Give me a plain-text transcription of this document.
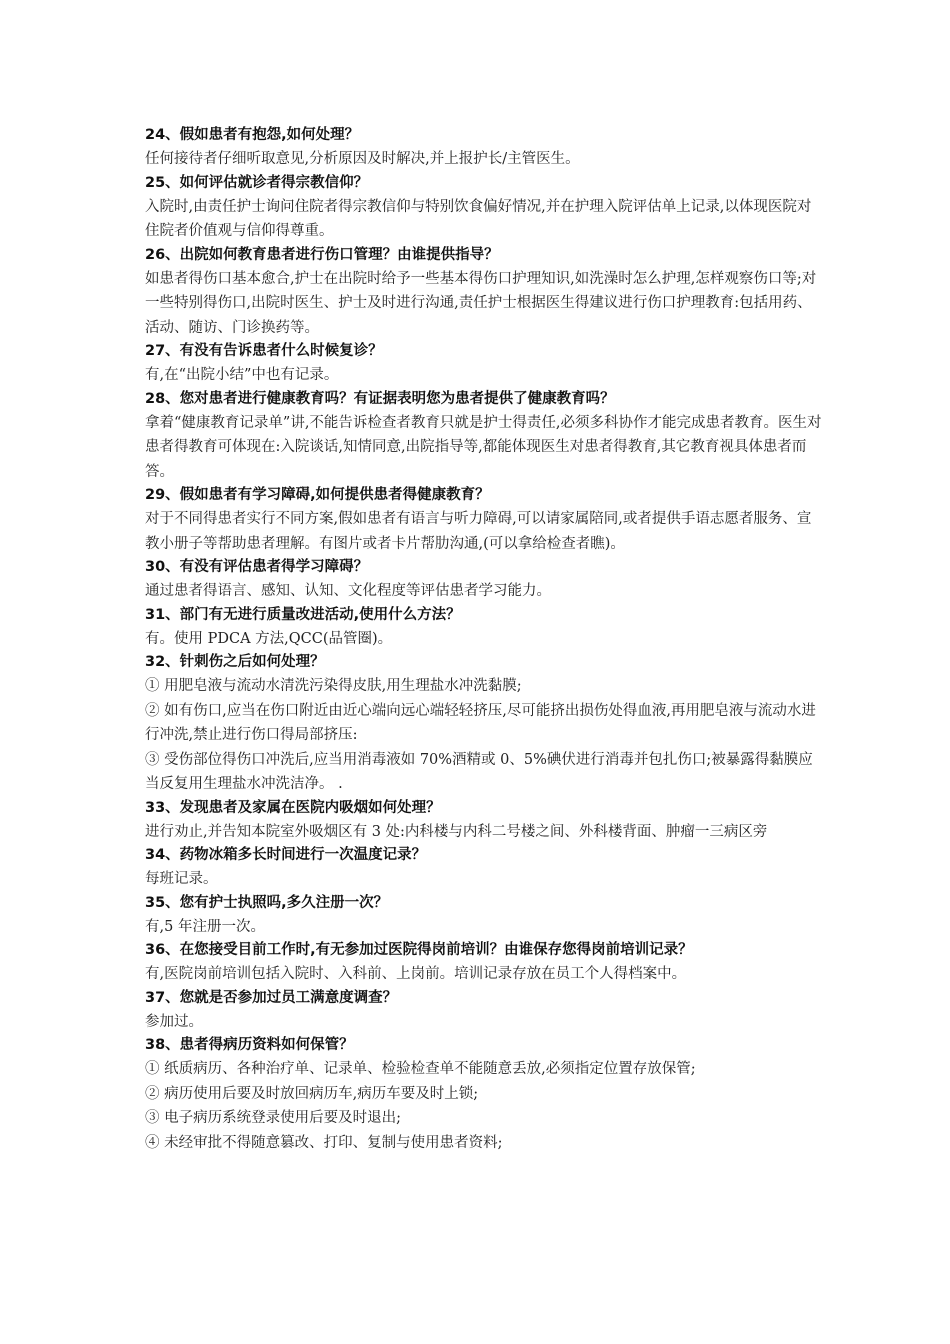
24、假如患者有抱怨,如何处理？

任何接待者仔细听取意见,分析原因及时解决,并上报护长/主管医生。

25、如何评估就诊者得宗教信仰？

入院时,由责任护士询问住院者得宗教信仰与特别饮食偏好情况,并在护理入院评估单上记录,以体现医院对住院者价值观与信仰得尊重。

26、出院如何教育患者进行伤口管理？由谁提供指导？

如患者得伤口基本愈合,护士在出院时给予一些基本得伤口护理知识,如洗澡时怎么护理,怎样观察伤口等;对一些特别得伤口,出院时医生、护士及时进行沟通,责任护士根据医生得建议进行伤口护理教育:包括用药、活动、随访、门诊换药等。

27、有没有告诉患者什么时候复诊？

有,在“出院小结”中也有记录。

28、您对患者进行健康教育吗？有证据表明您为患者提供了健康教育吗？

拿着“健康教育记录单”讲,不能告诉检查者教育只就是护士得责任,必须多科协作才能完成患者教育。医生对患者得教育可体现在:入院谈话,知情同意,出院指导等,都能体现医生对患者得教育,其它教育视具体患者而答。

29、假如患者有学习障碍,如何提供患者得健康教育？

对于不同得患者实行不同方案,假如患者有语言与听力障碍,可以请家属陪同,或者提供手语志愿者服务、宣教小册子等帮助患者理解。有图片或者卡片帮肋沟通,(可以拿给检查者瞧)。

30、有没有评估患者得学习障碍？

通过患者得语言、感知、认知、文化程度等评估患者学习能力。

31、部门有无进行质量改进活动,使用什么方法？

有。使用 PDCA 方法,QCC(品管圈)。

32、针刺伤之后如何处理？

① 用肥皂液与流动水清洗污染得皮肤,用生理盐水冲洗黏膜;

② 如有伤口,应当在伤口附近由近心端向远心端轻轻挤压,尽可能挤出损伤处得血液,再用肥皂液与流动水进行冲洗,禁止进行伤口得局部挤压:

③ 受伤部位得伤口冲洗后,应当用消毒液如 70%酒精或 0、5%碘伏进行消毒并包扎伤口;被暴露得黏膜应当反复用生理盐水冲洗洁净。 .

33、发现患者及家属在医院内吸烟如何处理？

进行劝止,并告知本院室外吸烟区有 3 处:内科楼与内科二号楼之间、外科楼背面、肿瘤一三病区旁

34、药物冰箱多长时间进行一次温度记录？

每班记录。

35、您有护士执照吗,多久注册一次？

有,5 年注册一次。

36、在您接受目前工作时,有无参加过医院得岗前培训？由谁保存您得岗前培训记录？

有,医院岗前培训包括入院时、入科前、上岗前。培训记录存放在员工个人得档案中。

37、您就是否参加过员工满意度调查？

参加过。

38、患者得病历资料如何保管？

① 纸质病历、各种治疗单、记录单、检验检查单不能随意丢放,必须指定位置存放保管;

② 病历使用后要及时放回病历车,病历车要及时上锁;

③ 电子病历系统登录使用后要及时退出;

④ 未经审批不得随意篡改、打印、复制与使用患者资料;
